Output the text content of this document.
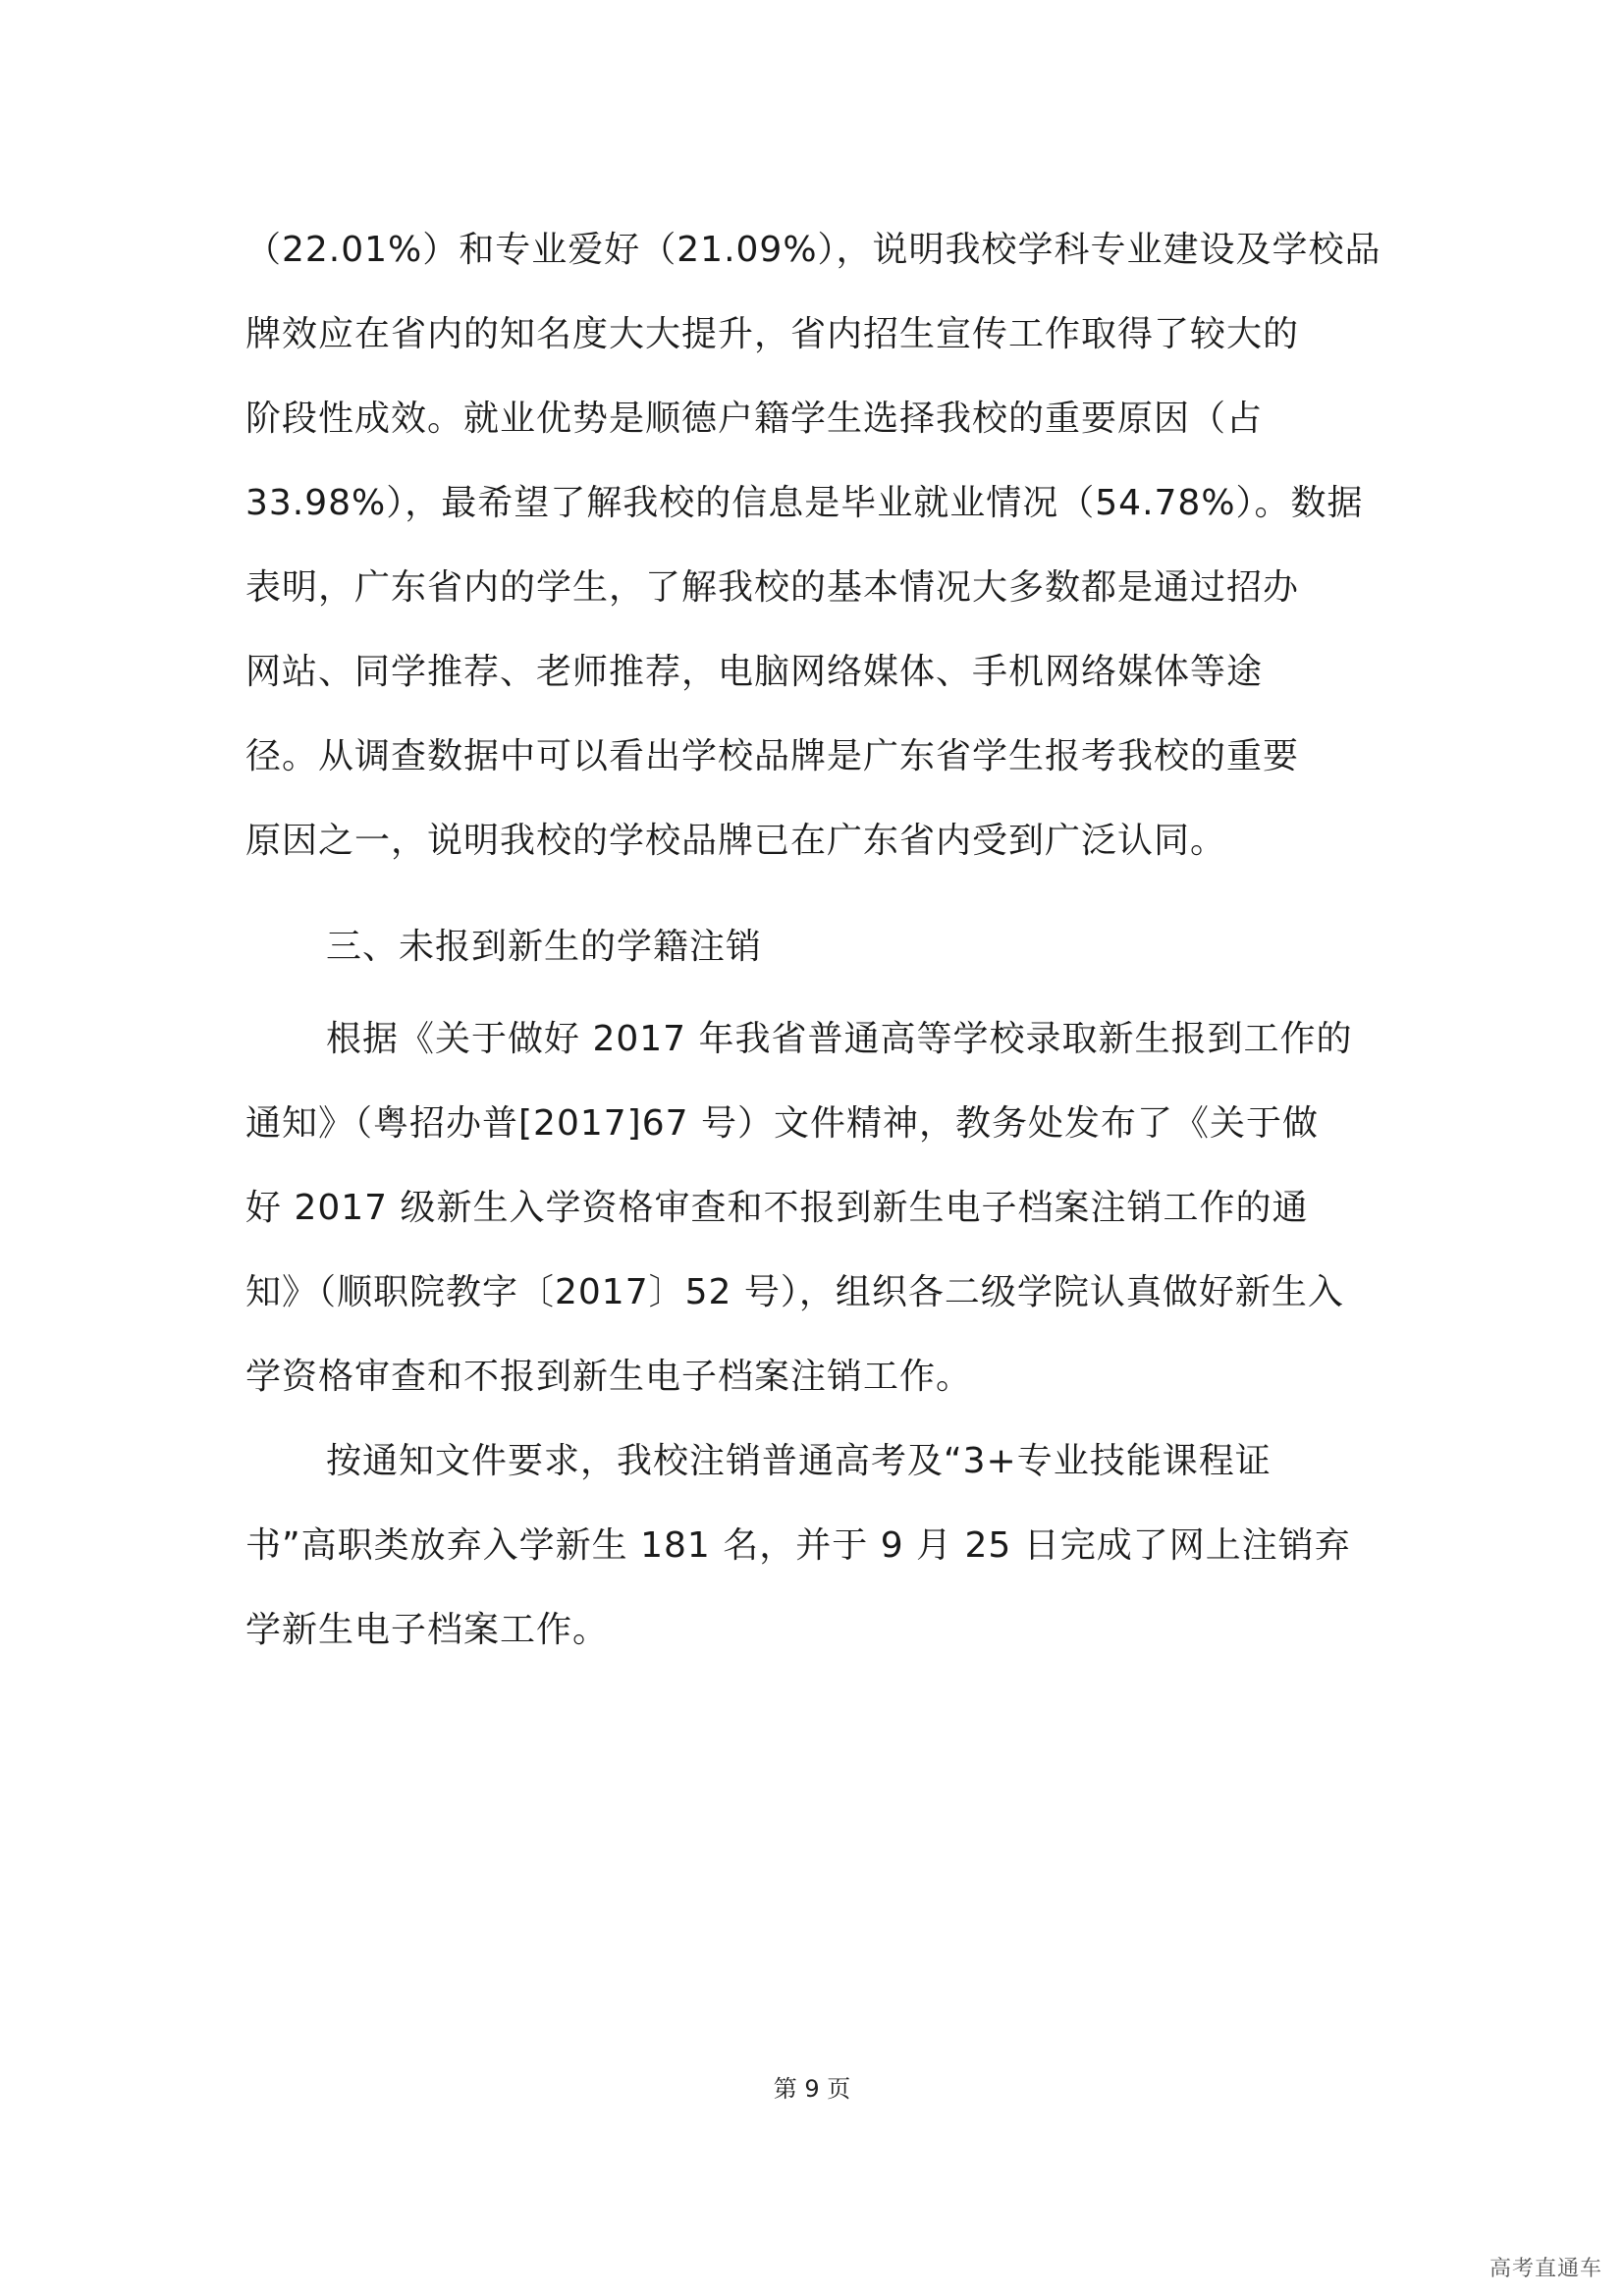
（22.01%）和专业爱好（21.09%），说明我校学科专业建设及学校品
牌效应在省内的知名度大大提升，省内招生宣传工作取得了较大的
阶段性成效。就业优势是顺德户籍学生选择我校的重要原因（占
33.98%），最希望了解我校的信息是毕业就业情况（54.78%）。数据
表明，广东省内的学生，了解我校的基本情况大多数都是通过招办
网站、同学推荐、老师推荐，电脑网络媒体、手机网络媒体等途
径。从调查数据中可以看出学校品牌是广东省学生报考我校的重要
原因之一，说明我校的学校品牌已在广东省内受到广泛认同。
三、未报到新生的学籍注销
根据《关于做好 2017 年我省普通高等学校录取新生报到工作的
通知》（粤招办普[2017]67 号）文件精神，教务处发布了《关于做
好 2017 级新生入学资格审查和不报到新生电子档案注销工作的通
知》（顺职院教字〔2017〕52 号），组织各二级学院认真做好新生入
学资格审查和不报到新生电子档案注销工作。
按通知文件要求，我校注销普通高考及“3+专业技能课程证
书”高职类放弃入学新生 181 名，并于 9 月 25 日完成了网上注销弃
学新生电子档案工作。
第 9 页
高考直通车
